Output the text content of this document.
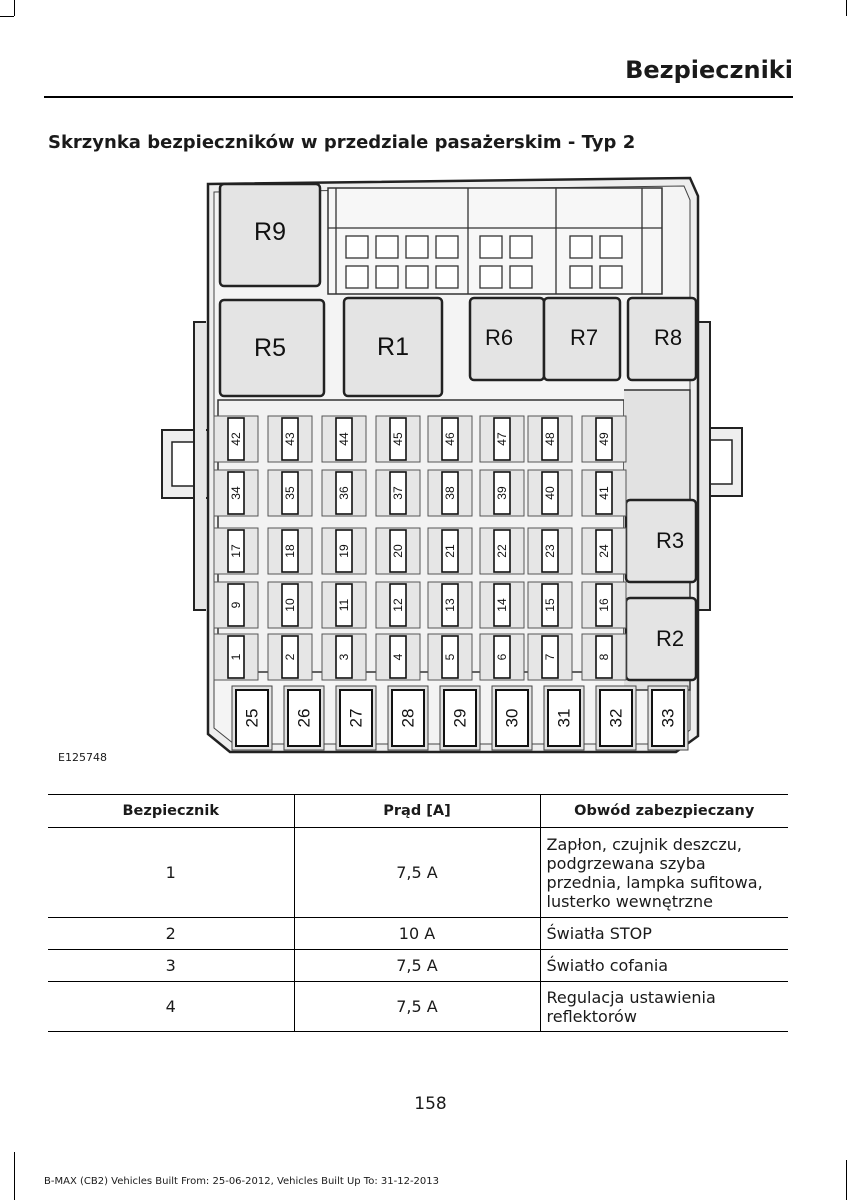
Bezpieczniki
Skrzynka bezpieczników w przedziale pasażerskim - Typ 2
R9
R5	R1	R6	R7	R8
R3
R2
42
34
17
9
1
43
35
18
10
2
44
36
19
11
3
45
37
20
12
4
46
38
21
13
5
47
39
22
14
6
48
40
23
15
7
49
41
24
16
8
25 26 27 28 29 30 31 32 33
E125748
Bezpiecznik	Prąd [A]	Obwód zabezpieczany
1	7,5 A	Zapłon, czujnik deszczu,
podgrzewana szyba
przednia, lampka sufitowa,
lusterko wewnętrzne

2	10 A	Światła STOP

3	7,5 A	Światło cofania

4	7,5 A	Regulacja ustawienia
reflektorów
158
B-MAX (CB2) Vehicles Built From: 25-06-2012, Vehicles Built Up To: 31-12-2013
